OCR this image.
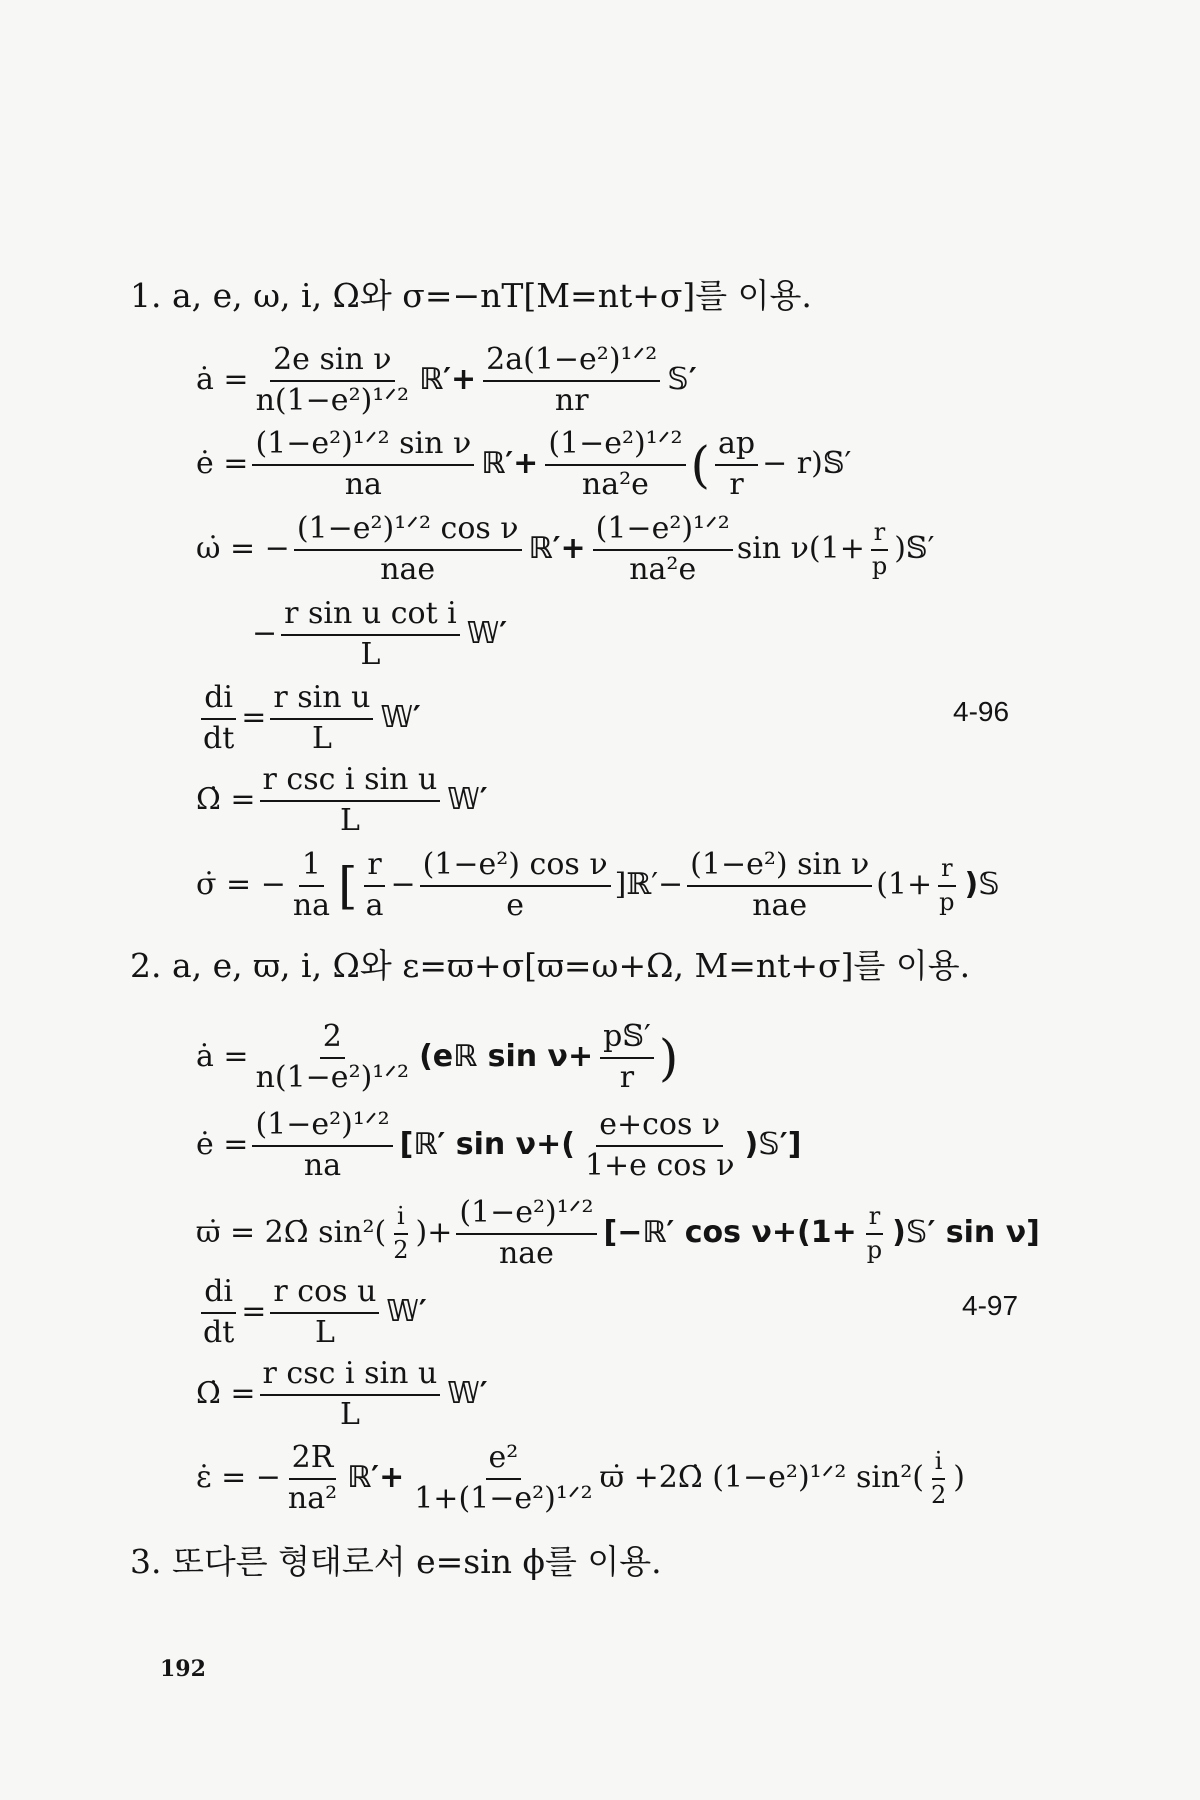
1. a, e, ω, i, Ω와 σ=−nT[M=nt+σ]를 이용.
ȧ =
2e sin ν
n(1−e²)¹ᐟ²
ℝ′+
2a(1−e²)¹ᐟ²
nr
𝕊′
ė =
(1−e²)¹ᐟ² sin ν
na
ℝ′+
(1−e²)¹ᐟ²
na²e ( $\frac{ap}{r}$ − r)𝕊′
ω̇ = −
(1−e²)¹ᐟ² cos ν
nae
ℝ′+
(1−e²)¹ᐟ²
na²e
$\sin \nu(1+ \frac{r}{p}$ )𝕊′
− $\frac{\text{r sin u cot i}}{L}$ 𝕎′
$\frac{di}{dt} = \frac{\text{r sin u}}{L}$ 𝕎′	4-96
Ω̇ =
r csc i sin u
L
𝕎′
σ̇ = − $\frac{1}{na}$ [ $\frac{r}{a} - \frac{\text{(1−e²) cos ν}}{e}$ ]ℝ′−
(1−e²) sin ν
nae
($1+ \frac{r}{p}$ )𝕊
2. a, e, ϖ, i, Ω와 ε=ϖ+σ[ϖ=ω+Ω, M=nt+σ]를 이용.
ȧ =
2
n(1−e²)¹ᐟ²
(eℝ sin ν+
p𝕊′
r )
ė =
(1−e²)¹ᐟ²
na
[ℝ′ $\sin \nu+( \frac{\text{e+cos ν}}{\text{1+e cos ν}}$ )𝕊′]
ϖ̇ = 2Ω̇ $\sin^2( \frac{i}{2}$ )+
(1−e²)¹ᐟ²
nae
[−ℝ′ $\cos \nu+(1+ \frac{r}{p}$ )𝕊′ sin ν]
$\frac{di}{dt} = \frac{\text{r cos u}}{L}$ 𝕎′	4-97
Ω̇ =
r csc i sin u
L
𝕎′
ε̇ = − $\frac{2R}{\text{na²}}$ ℝ′+
e²
1+(1−e²)¹ᐟ²
ϖ̇ +2Ω̇ (1−e²)¹ᐟ² $\sin^2( \frac{i}{2}$ )
3. 또다른 형태로서 e=sin ϕ를 이용.
192
